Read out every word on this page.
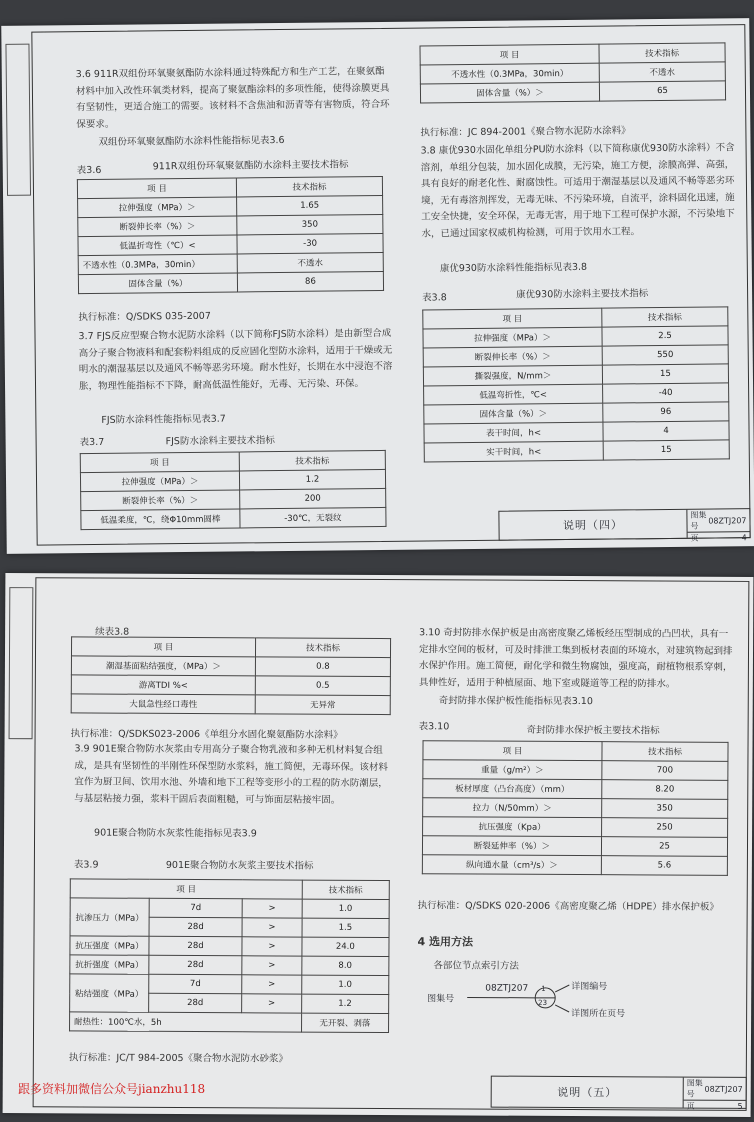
3.6 911R双组份环氧聚氨酯防水涂料通过特殊配方和生产工艺，在聚氨酯材料中加入改性环氧类材料，提高了聚氨酯涂料的多项性能，使得涂膜更具有坚韧性，更适合施工的需要。该材料不含焦油和沥青等有害物质，符合环保要求。
双组份环氧聚氨酯防水涂料性能指标见表3.6
表3.6	911R双组份环氧聚氨酯防水涂料主要技术指标
项 目	技术指标
拉伸强度（MPa）＞	1.65
断裂伸长率（%）＞	350
低温折弯性（℃）<	-30
不透水性（0.3MPa，30min）	不透水
固体含量（%）	86
执行标准：Q/SDKS 035-2007
3.7 FJS反应型聚合物水泥防水涂料（以下简称FJS防水涂料）是由新型合成高分子聚合物液料和配套粉料组成的反应固化型防水涂料，适用于干燥或无明水的潮湿基层以及通风不畅等恶劣环境。耐水性好，长期在水中浸泡不溶胀，物理性能指标不下降，耐高低温性能好，无毒、无污染、环保。
FJS防水涂料性能指标见表3.7
表3.7	FJS防水涂料主要技术指标
项 目	技术指标
拉伸强度（MPa）＞	1.2
断裂伸长率（%）＞	200
低温柔度，℃，绕Φ10mm圆棒	-30℃，无裂纹
项 目	技术指标
不透水性（0.3MPa，30min）	不透水
固体含量（%）＞	65
执行标准：JC 894-2001《聚合物水泥防水涂料》
3.8 康优930水固化单组分PU防水涂料（以下简称康优930防水涂料）不含溶剂，单组分包装，加水固化成膜，无污染，施工方便，涂膜高弹、高强，具有良好的耐老化性、耐腐蚀性。可适用于潮湿基层以及通风不畅等恶劣环境，无有毒溶剂挥发，无毒无味、不污染环境，自流平，涂料固化迅速，施工安全快捷，安全环保，无毒无害，用于地下工程可保护水源，不污染地下水，已通过国家权威机构检测，可用于饮用水工程。
康优930防水涂料性能指标见表3.8
表3.8	康优930防水涂料主要技术指标
项 目	技术指标
拉伸强度（MPa）＞	2.5
断裂伸长率（%）＞	550
撕裂强度，N/mm＞	15
低温弯折性，℃<	-40
固体含量（%）＞	96
表干时间，h<	4
实干时间，h<	15
说明（四）
图集号
08ZTJ207
页	4
续表3.8
项 目	技术指标
潮湿基面粘结强度，（MPa）＞	0.8
游离TDI %<	0.5
大鼠急性经口毒性	无异常
执行标准：Q/SDKS023-2006《单组分水固化聚氨酯防水涂料》
3.9 901E聚合物防水灰浆由专用高分子聚合物乳液和多种无机材料复合组成，是具有坚韧性的半刚性环保型防水浆料，施工简便，无毒环保。该材料宜作为厨卫间、饮用水池、外墙和地下工程等变形小的工程的防水防潮层，与基层粘接力强，浆料干固后表面粗糙，可与饰面层粘接牢固。
901E聚合物防水灰浆性能指标见表3.9
表3.9	901E聚合物防水灰浆主要技术指标
项 目			技术指标
抗渗压力（MPa）	7d	>	1.0
	28d	>	1.5
抗压强度（MPa）	28d	>	24.0
抗折强度（MPa）	28d	>	8.0
粘结强度（MPa）	7d	>	1.0
	28d	>	1.2
耐热性：100℃水，5h			无开裂、剥落
执行标准：JC/T 984-2005《聚合物水泥防水砂浆》
3.10 奇封防排水保护板是由高密度聚乙烯板经压型制成的凸凹状，具有一定排水空间的板材，可及时排泄工集到板材表面的环境水，对建筑物起到排水保护作用。施工简便，耐化学和微生物腐蚀，强度高，耐植物根系穿刺，具伸性好，适用于种植屋面、地下室或隧道等工程的防排水。
奇封防排水保护板性能指标见表3.10
表3.10	奇封防排水保护板主要技术指标
项 目	技术指标
重量（g/m²）＞	700
板材厚度（凸台高度）（mm）	8.20
拉力（N/50mm）＞	350
抗压强度（Kpa）	250
断裂延伸率（%）＞	25
纵向通水量（cm³/s）＞	5.6
执行标准：Q/SDKS 020-2006《高密度聚乙烯（HDPE）排水保护板》
4 选用方法
各部位节点索引方法
图集号
08ZTJ207 1
23
详图编号
详图所在页号
说明（五）
图集号
08ZTJ207
页	5
跟多资料加微信公众号jianzhu118
